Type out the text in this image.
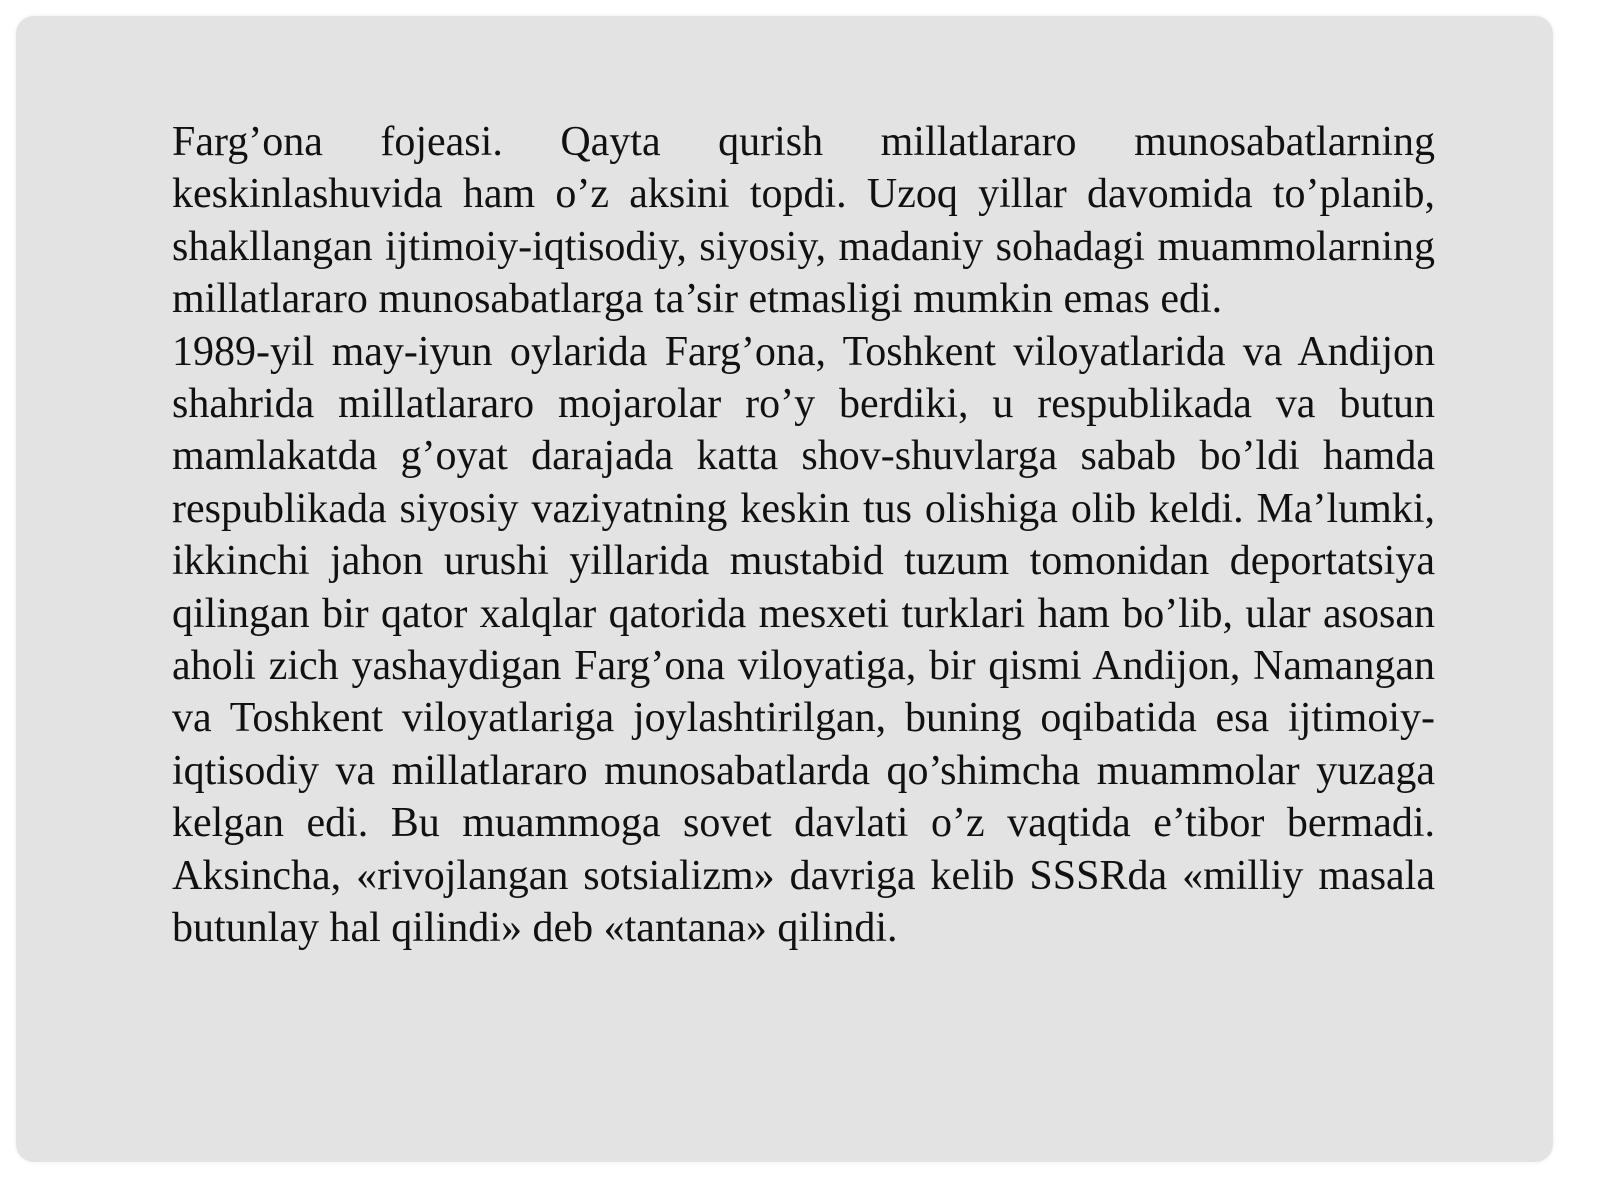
Farg’ona fojeasi. Qayta qurish millatlararo munosabatlarning keskinlashuvida ham o’z aksini topdi. Uzoq yillar davomida to’planib, shakllangan ijtimoiy-iqtisodiy, siyosiy, madaniy sohadagi muammolarning millatlararo munosabatlarga ta’sir etmasligi mumkin emas edi.

1989-yil may-iyun oylarida Farg’ona, Toshkent viloyatlarida va Andijon shahrida millatlararo mojarolar ro’y berdiki, u respublikada va butun mamlakatda g’oyat darajada katta shov-shuvlarga sabab bo’ldi hamda respublikada siyosiy vaziyatning keskin tus olishiga olib keldi. Ma’lumki, ikkinchi jahon urushi yillarida mustabid tuzum tomonidan deportatsiya qilingan bir qator xalqlar qatorida mesxeti turklari ham bo’lib, ular asosan aholi zich yashaydigan Farg’ona viloyatiga, bir qismi Andijon, Namangan va Toshkent viloyatlariga joylashtirilgan, buning oqibatida esa ijtimoiy-iqtisodiy va millatlararo munosabatlarda qo’shimcha muammolar yuzaga kelgan edi. Bu muammoga sovet davlati o’z vaqtida e’tibor bermadi. Aksincha, «rivojlangan sotsializm» davriga kelib SSSRda «milliy masala butunlay hal qilindi» deb «tantana» qilindi.
